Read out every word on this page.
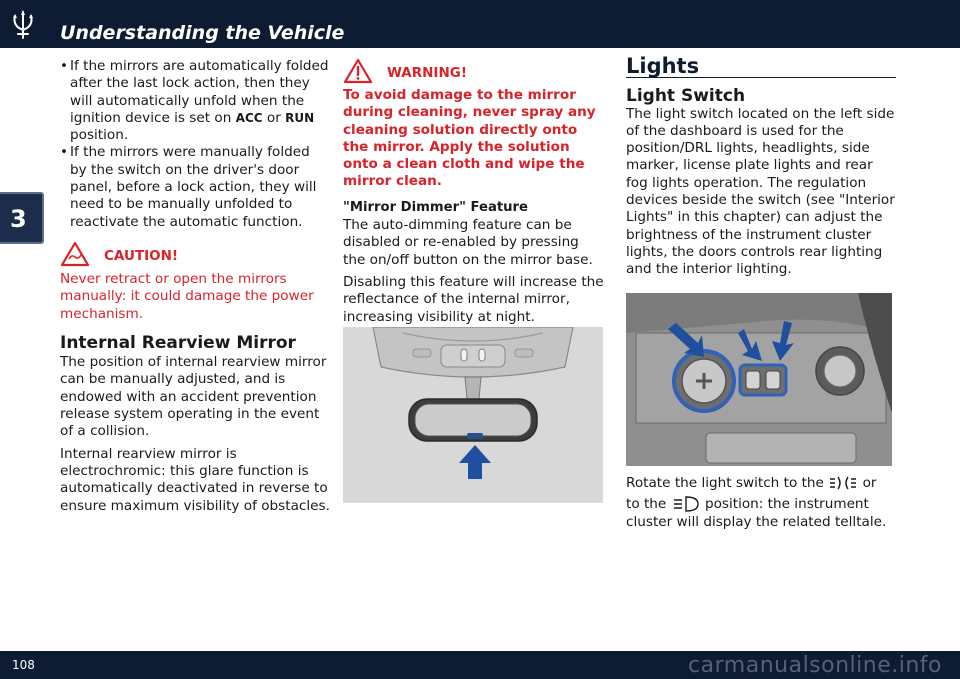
Understanding the Vehicle
3
• If the mirrors are automatically folded after the last lock action, then they will automatically unfold when the ignition device is set on ACC or RUN position.
• If the mirrors were manually folded by the switch on the driver's door panel, before a lock action, they will need to be manually unfolded to reactivate the automatic function.
CAUTION!
Never retract or open the mirrors manually: it could damage the power mechanism.
Internal Rearview Mirror
The position of internal rearview mirror can be manually adjusted, and is endowed with an accident prevention release system operating in the event of a collision.

Internal rearview mirror is electrochromic: this glare function is automatically deactivated in reverse to ensure maximum visibility of obstacles.

WARNING!
To avoid damage to the mirror during cleaning, never spray any cleaning solution directly onto the mirror. Apply the solution onto a clean cloth and wipe the mirror clean.
"Mirror Dimmer" Feature
The auto-dimming feature can be disabled or re-enabled by pressing the on/off button on the mirror base.

Disabling this feature will increase the reflectance of the internal mirror, increasing visibility at night.

Lights
Light Switch
The light switch located on the left side of the dashboard is used for the position/DRL lights, headlights, side marker, license plate lights and rear fog lights operation. The regulation devices beside the switch (see "Interior Lights" in this chapter) can adjust the brightness of the instrument cluster lights, the doors controls rear lighting and the interior lighting.
Rotate the light switch to the	or
to the	position: the instrument cluster will display the related telltale.
108	carmanualsonline.info
